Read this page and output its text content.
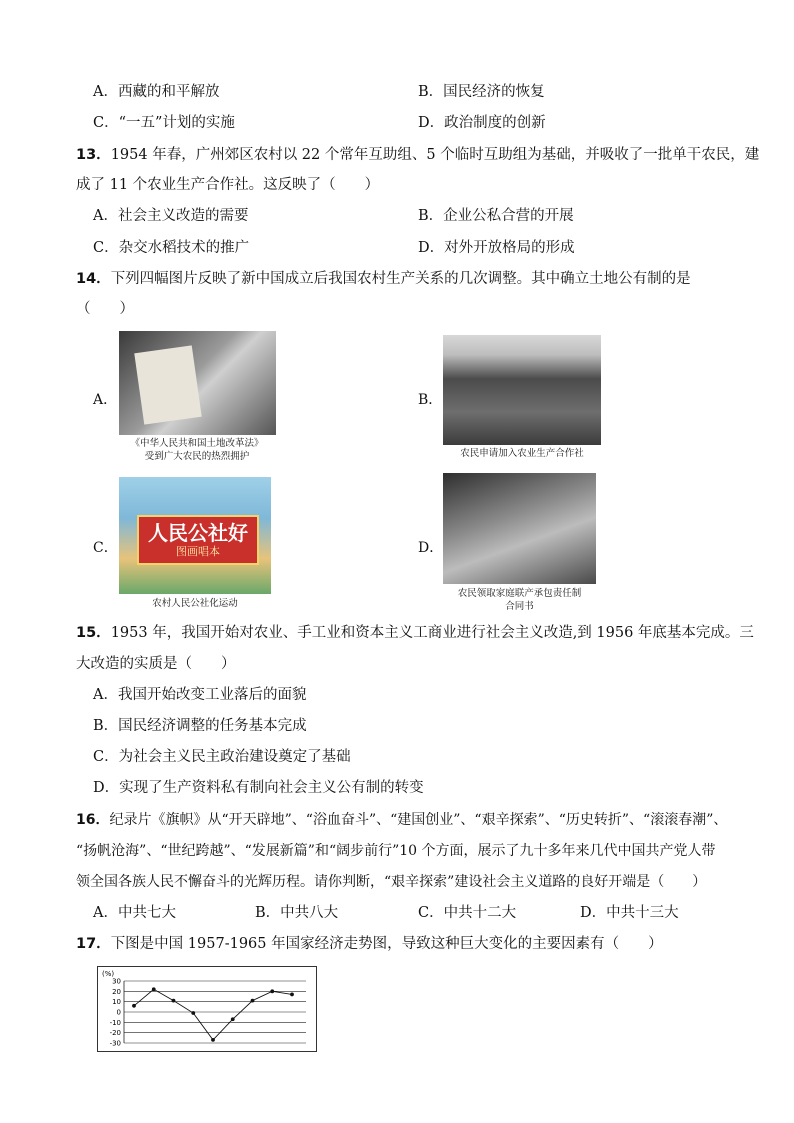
A．西藏的和平解放	B．国民经济的恢复
C．“一五”计划的实施	D．政治制度的创新
13．1954 年春，广州郊区农村以 22 个常年互助组、5 个临时互助组为基础，并吸收了一批单干农民，建
成了 11 个农业生产合作社。这反映了（　　）
A．社会主义改造的需要	B．企业公私合营的开展
C．杂交水稻技术的推广	D．对外开放格局的形成
14．下列四幅图片反映了新中国成立后我国农村生产关系的几次调整。其中确立土地公有制的是
（　　）
A．
《中华人民共和国土地改革法》
受到广大农民的热烈拥护
B．
农民申请加入农业生产合作社
C．
人民公社好
图画唱本
农村人民公社化运动
D．
农民领取家庭联产承包责任制
合同书
15．1953 年，我国开始对农业、手工业和资本主义工商业进行社会主义改造,到 1956 年底基本完成。三
大改造的实质是（　　）
A．我国开始改变工业落后的面貌
B．国民经济调整的任务基本完成
C．为社会主义民主政治建设奠定了基础
D．实现了生产资料私有制向社会主义公有制的转变
16．纪录片《旗帜》从“开天辟地”、“浴血奋斗”、“建国创业”、“艰辛探索”、“历史转折”、“滚滚春潮”、
“扬帆沧海”、“世纪跨越”、“发展新篇”和“阔步前行”10 个方面，展示了九十多年来几代中国共产党人带
领全国各族人民不懈奋斗的光辉历程。请你判断，“艰辛探索”建设社会主义道路的良好开端是（　　）
A．中共七大	B．中共八大	C．中共十二大	D．中共十三大
17．下图是中国 1957-1965 年国家经济走势图，导致这种巨大变化的主要因素有（　　）
(%)
30
20
10
0
-10
-20
-30
